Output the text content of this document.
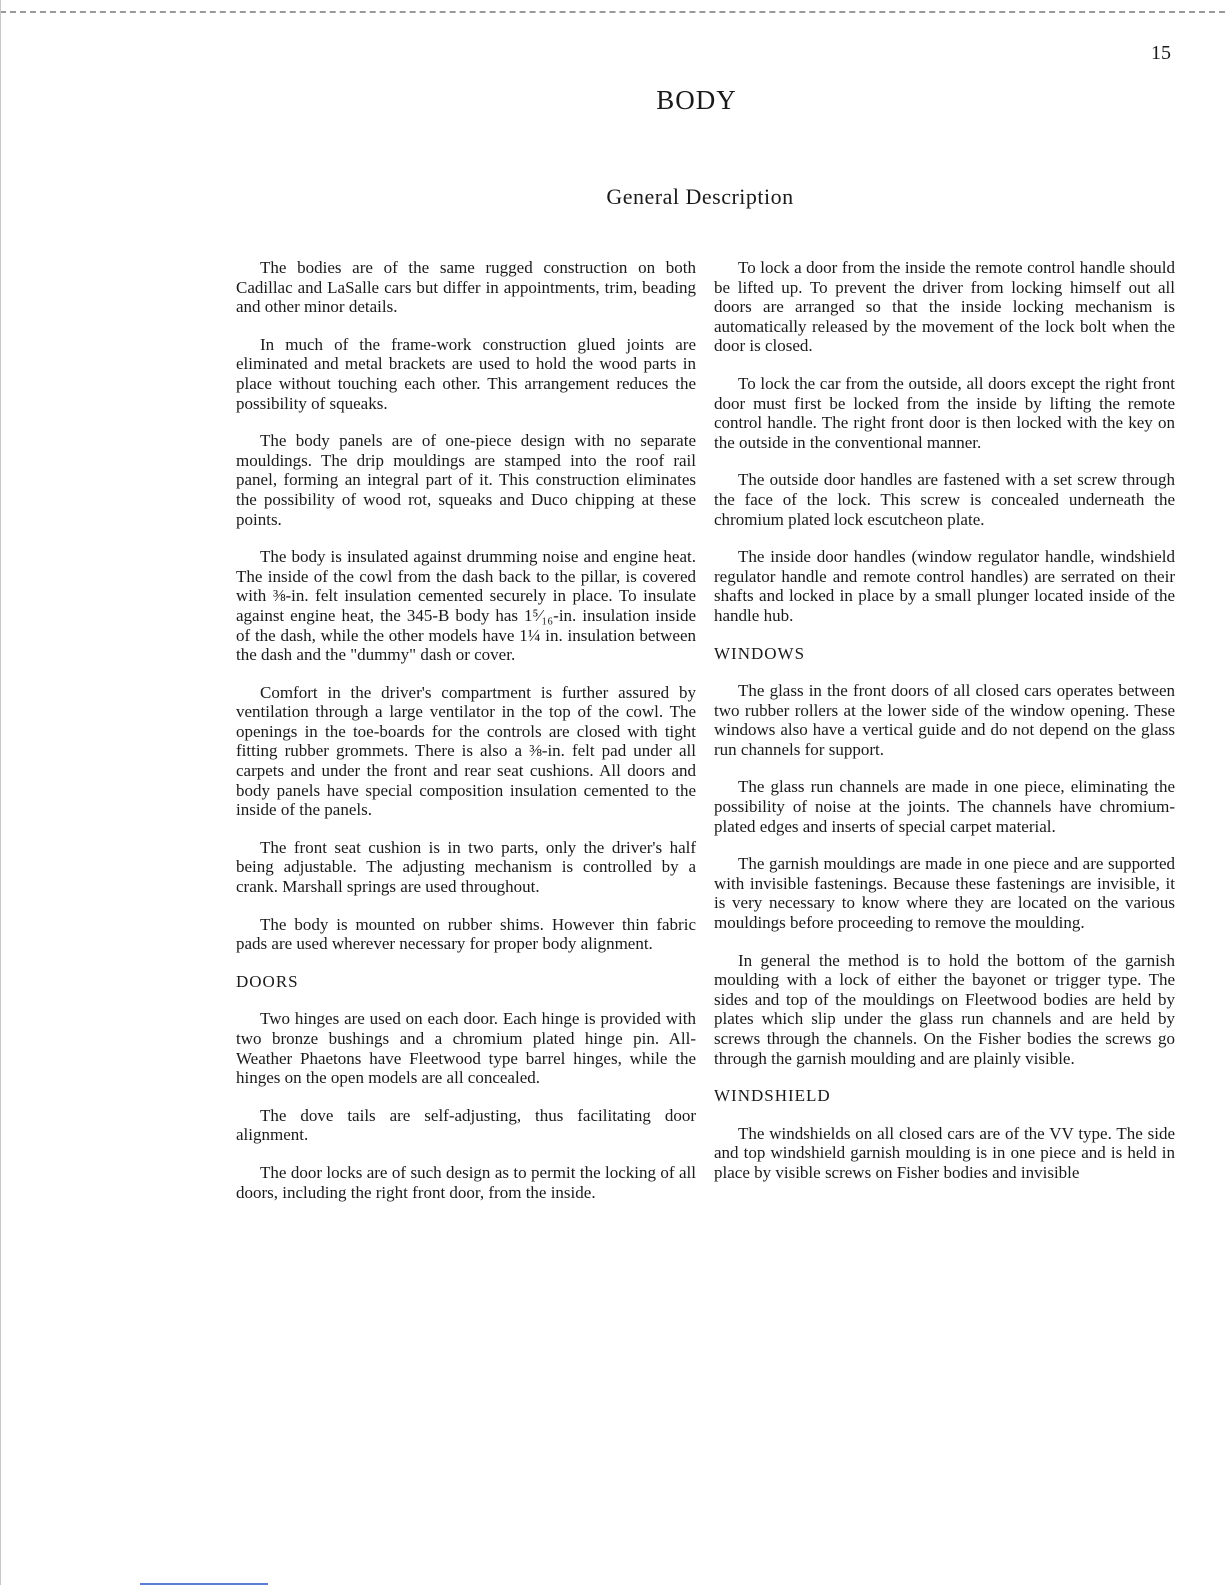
15
BODY
General Description

The bodies are of the same rugged construction on both Cadillac and LaSalle cars but differ in appointments, trim, beading and other minor details.

In much of the frame-work construction glued joints are eliminated and metal brackets are used to hold the wood parts in place without touching each other. This arrangement reduces the possibility of squeaks.

The body panels are of one-piece design with no separate mouldings. The drip mouldings are stamped into the roof rail panel, forming an integral part of it. This construction eliminates the possibility of wood rot, squeaks and Duco chipping at these points.

The body is insulated against drumming noise and engine heat. The inside of the cowl from the dash back to the pillar, is covered with ⅜-in. felt insulation cemented securely in place. To insulate against engine heat, the 345-B body has 1⁵⁄₁₆-in. insulation inside of the dash, while the other models have 1¼ in. insulation between the dash and the "dummy" dash or cover.

Comfort in the driver's compartment is further assured by ventilation through a large ventilator in the top of the cowl. The openings in the toe-boards for the controls are closed with tight fitting rubber grommets. There is also a ⅜-in. felt pad under all carpets and under the front and rear seat cushions. All doors and body panels have special composition insulation cemented to the inside of the panels.

The front seat cushion is in two parts, only the driver's half being adjustable. The adjusting mechanism is controlled by a crank. Marshall springs are used throughout.

The body is mounted on rubber shims. However thin fabric pads are used wherever necessary for proper body alignment.

DOORS

Two hinges are used on each door. Each hinge is provided with two bronze bushings and a chromium plated hinge pin. All-Weather Phaetons have Fleetwood type barrel hinges, while the hinges on the open models are all concealed.

The dove tails are self-adjusting, thus facilitating door alignment.

The door locks are of such design as to permit the locking of all doors, including the right front door, from the inside.

To lock a door from the inside the remote control handle should be lifted up. To prevent the driver from locking himself out all doors are arranged so that the inside locking mechanism is automatically released by the movement of the lock bolt when the door is closed.

To lock the car from the outside, all doors except the right front door must first be locked from the inside by lifting the remote control handle. The right front door is then locked with the key on the outside in the conventional manner.

The outside door handles are fastened with a set screw through the face of the lock. This screw is concealed underneath the chromium plated lock escutcheon plate.

The inside door handles (window regulator handle, windshield regulator handle and remote control handles) are serrated on their shafts and locked in place by a small plunger located inside of the handle hub.

WINDOWS

The glass in the front doors of all closed cars operates between two rubber rollers at the lower side of the window opening. These windows also have a vertical guide and do not depend on the glass run channels for support.

The glass run channels are made in one piece, eliminating the possibility of noise at the joints. The channels have chromium-plated edges and inserts of special carpet material.

The garnish mouldings are made in one piece and are supported with invisible fastenings. Because these fastenings are invisible, it is very necessary to know where they are located on the various mouldings before proceeding to remove the moulding.

In general the method is to hold the bottom of the garnish moulding with a lock of either the bayonet or trigger type. The sides and top of the mouldings on Fleetwood bodies are held by plates which slip under the glass run channels and are held by screws through the channels. On the Fisher bodies the screws go through the garnish moulding and are plainly visible.

WINDSHIELD

The windshields on all closed cars are of the VV type. The side and top windshield garnish moulding is in one piece and is held in place by visible screws on Fisher bodies and invisible
